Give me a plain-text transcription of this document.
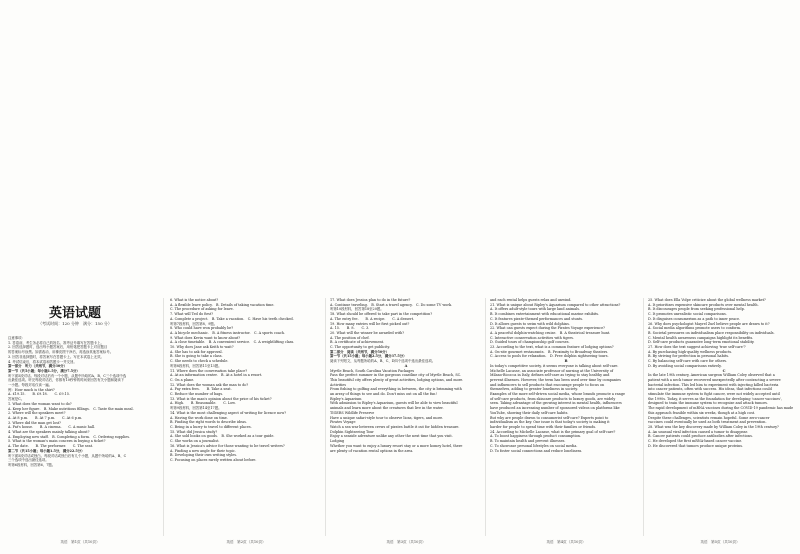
英语试题
（考试时间：120 分钟　满分：150 分）

注意事项：

1. 答卷前，考生务必将自己的姓名、准考证号填写在答题卡上。

2. 回答选择题时，选出每小题答案后，用铅笔把答题卡上对应题目

的答案标号涂黑。如需改动，用橡皮擦干净后，再选涂其他答案标号。

3. 回答非选择题时，将答案写在答题卡上。写在本试卷上无效。

4. 考试结束后，将本试卷和答题卡一并交回。

第一部分　听力（共两节，满分30分）

第一节（共5小题；每小题1.5分，满分7.5分）

听下面5段对话。每段对话后有一个小题，从题中所给的A、B、C三个选项中选

出最佳选项。听完每段对话后，你都有10秒钟的时间来回答有关小题和阅读下

一小题。每段对话仅读一遍。

例：How much is the shirt?

A. £19.15.　　B. £9.18.　　C. £9.15.

答案是C。

1. What does the woman want to do?

A. Keep her figure.　B. Make nutritious fillings.　C. Taste the main meal.

2. Where will the speakers meet?

A. At 8 p.m.　　B. At 7 p.m.　　C. At 6 p.m.

3. Where did the man get lost?

A. Pat's house.　　B. A cinema.　　C. A music hall.

4. What are the speakers mainly talking about?

A. Employing new staff.　B. Completing a form.　C. Ordering supplies.

5. What is the woman's main concern in buying a ticket?

A. The date.　　B. The performer.　　C. The seat.

第二节（共15小题；每小题1.5分，满分22.5分）

听下面5段对话或独白。每段对话或独白后有几个小题，从题中所给的A、B、C

三个选项中选出最佳选项。

听第6段材料，回答第6、7题。

6. What is the notice about?

A. A flexible leave policy.　B. Details of taking vacation time.

C. The procedure of asking for leave.

7. What will Ted do first?

A. Complete a project.　B. Take a vacation.　C. Have his teeth checked.

听第7段材料，回答第8、9题。

8. Who could have won probably be?

A. A bicycle mechanic.　B. A fitness instructor.　C. A sports coach.

9. What does Kevin want to know about?

A. A close timetable.　B. A convenient service.　C. A weightlifting class.

10. Why does Jane ask Keith to wait?

A. She has to ask for approval.

B. She is going to take a class.

C. She needs to check a schedule.

听第8段材料，回答第11至13题。

11. Where does the conversation take place?

A. At an information center.　B. At a hotel in a resort.

C. On a plane.

12. What does the woman ask the man to do?

A. Pay extra fees.　　B. Take a seat.

C. Reduce the number of bags.

13. What is the man's opinion about the price of his ticket?

A. High.　　B. Reasonable.　　C. Low.

听第9段材料，回答第14至17题。

14. What is the most challenging aspect of writing for licence now?

A. Having the work done on time.

B. Finding the right words to describe ideas.

C. Being in a hurry to travel to different places.

15. What did Jessica study?

A. She sold books on goods.　B. She worked as a tour guide.

C. She works on a journalist.

16. What is Jessica's advice for those wanting to be travel writers?

A. Finding a new angle for their topic.

B. Developing their own writing styles.

C. Focusing on places rarely written about before.

17. What does Jessica plan to do in the future?

A. Continue traveling.　B. Start a travel agency.　C. Do some TV work.

听第10段材料，回答第18至20题。

18. What should be offered to take part in the competition?

A. The entry fee.　　B. A recipe.　　C. A dessert.

19. How many entries will be first picked out?

A. 15.　　B. 8.　　C. 3.

20. What will the winner be awarded with?

A. The position of chef.

B. A certificate of achievement.

C. The opportunity to get publicity.

第二部分　阅读（共两节，满分50分）

第一节（共15小题；每小题2.5分，满分37.5分）

阅读下列短文，从每题所给的A、B、C、D四个选项中选出最佳选项。

A

Myrtle Beach, South Carolina Vacation Packages

Pass the perfect summer in the gorgeous coastline city of Myrtle Beach, SC.

This beautiful city offers plenty of great activities, lodging options, and more.

Activities

From fishing to golfing and everything in between, the city is brimming with

an array of things to see and do. Don't miss out on all the fun!

Ripley's Aquarium

With admission to Ripley's Aquarium, guests will be able to view beautiful

animals and learn more about the creatures that live in the water.

TIGERS Wildlife Preserve

Have a unique safari-style tour to observe lions, tigers, and more.

Pirates Voyage

Watch a sea war between crews of pirates battle it out for hidden treasure.

Dolphin Sightseeing Tour

Enjoy a seaside adventure unlike any other the next time that you visit.

Lodging

Whether you want to enjoy a luxury resort stay or a more homey hotel, there

are plenty of vacation rental options in the area.

and each rental helps guests relax and unwind.

21. What is unique about Ripley's Aquarium compared to other attractions?

A. It offers adult-style tours with large land animals.

B. It combines entertainment with educational marine exhibits.

C. It features pirate-themed performances and stunts.

D. It allows guests to swim with wild dolphins.

22. What can guests expect during the Pirates Voyage experience?

A. A peaceful dolphin-watching cruise.　B. A theatrical treasure hunt.

C. Interactive conservation activities with tigers.

D. Guided tours of championship golf courses.

23. According to the text, what is a common feature of lodging options?

A. On-site gourmet restaurants.　B. Proximity to Broadway theaters.

C. Access to pools for relaxation.　D. Free dolphin sightseeing tours.

B

In today's competitive society, it seems everyone is talking about self-care.

Michelle Lacasse, an associate professor of nursing at the University of

Milano-Bicocca in Italy, defines self-care as trying to stay healthy and

prevent illnesses. However, the term has been used over time by companies

and influencers to sell products that encourage people to focus on

themselves, adding to greater loneliness in society.

Examples of the more self-driven social media, whose brands promote a range

of self-care products, from skincare products to luxury goods, are widely

seen. Taking advantage of the growing interest in mental health, influencers

have produced an increasing number of sponsored videos on platforms like

YouTube, showing their daily self-care habits.

But why are people drawn to consumerist self-care? Experts point to

individualism as the key. One issue is that today's society is making it

harder for people to spend time with their families or friends.

24. According to Michelle Lacasse, what is the primary goal of self-care?

A. To boost happiness through product consumption.

B. To maintain health and prevent illnesses.

C. To showcase personal lifestyles on social media.

D. To foster social connections and reduce loneliness.

25. What does Ella Volpe criticize about the global wellness market?

A. It prioritizes expensive skincare products over mental health.

B. It discourages people from seeking professional help.

C. It promotes unrealistic social comparisons.

D. It disguises consumerism as a path to inner peace.

26. Why does psychologist Mayrel Zurl believe people are drawn to it?

A. Social media algorithms promote users to conform.

B. Societal pressures on individualism place responsibility on individuals.

C. Mental health awareness campaigns highlight its benefits.

D. Self-care products guarantee long-term emotional stability.

27. How does the text suggest achieving 'true self-care'?

A. By purchasing high-quality wellness products.

B. By striving for perfection in personal habits.

C. By balancing self-care with care for others.

D. By avoiding social comparisons entirely.

C

In the late 19th century, American surgeon William Coley observed that a

patient with a neck tumor recovered unexpectedly after contracting a severe

bacterial infection. This led him to experiment with injecting killed bacteria

into cancer patients, often with success. His ideas, that infections could

stimulate the immune system to fight cancer, were not widely accepted until

the 1990s. Today, it serves as the foundation for developing 'cancer vaccines',

designed to train the immune system to recognize and attack tumors.

The rapid development of mRNA vaccines during the COVID-19 pandemic has made

this approach feasible within six weeks, though at a high cost.

Despite these challenges, scientists remain hopeful. Some zero-cancer

vaccines could eventually be used as both treatment and prevention.

28. What was the key discovery made by William Coley in the 19th century?

A. An unusual viral infection caused a tumor to disappear.

B. Cancer patients could produce antibodies after infections.

C. He developed the first mRNA-based cancer vaccine.

D. He discovered that tumors produce unique proteins.

英语　第1页（共10页）	英语　第2页（共10页）	英语　第3页（共10页）	英语　第4页（共10页）	英语　第5页（共10页）
